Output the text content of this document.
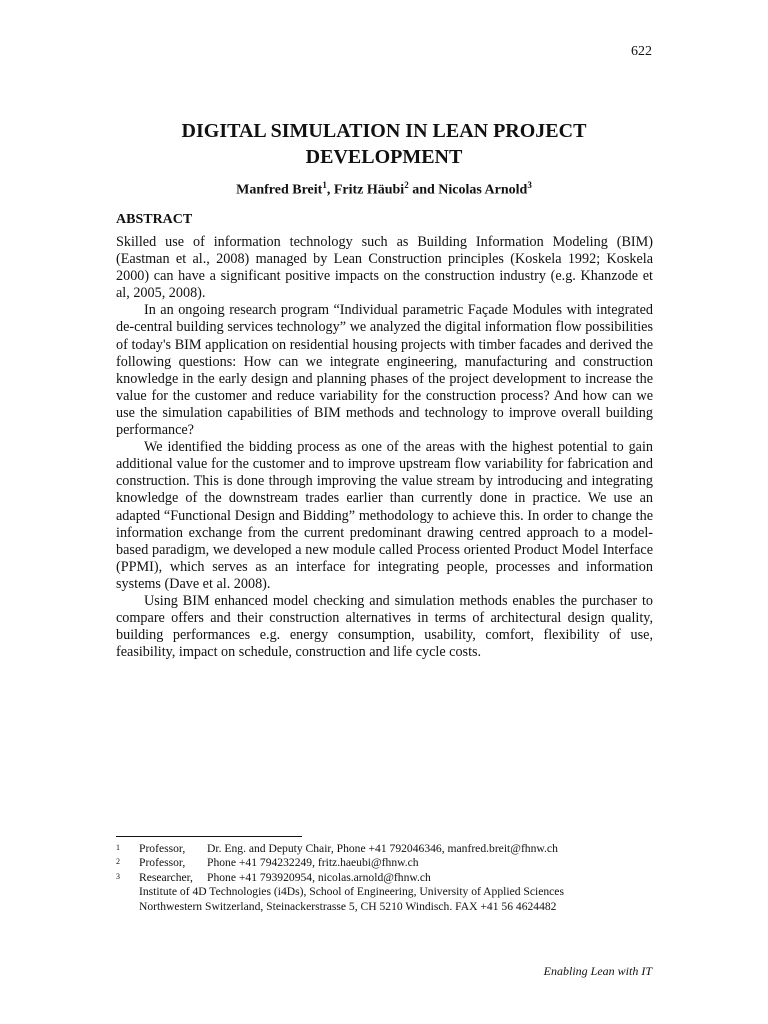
622
DIGITAL SIMULATION IN LEAN PROJECT
DEVELOPMENT
Manfred Breit$^1$, Fritz Häubi$^2$ and Nicolas Arnold$^3$
ABSTRACT

Skilled use of information technology such as Building Information Modeling (BIM) (Eastman et al., 2008) managed by Lean Construction principles (Koskela 1992; Koskela 2000) can have a significant positive impacts on the construction industry (e.g. Khanzode et al, 2005, 2008).

In an ongoing research program “Individual parametric Façade Modules with integrated de-central building services technology” we analyzed the digital information flow possibilities of today's BIM application on residential housing projects with timber facades and derived the following questions: How can we integrate engineering, manufacturing and construction knowledge in the early design and planning phases of the project development to increase the value for the customer and reduce variability for the construction process? And how can we use the simulation capabilities of BIM methods and technology to improve overall building performance?

We identified the bidding process as one of the areas with the highest potential to gain additional value for the customer and to improve upstream flow variability for fabrication and construction. This is done through improving the value stream by introducing and integrating knowledge of the downstream trades earlier than currently done in practice. We use an adapted “Functional Design and Bidding” methodology to achieve this. In order to change the information exchange from the current predominant drawing centred approach to a model-based paradigm, we developed a new module called Process oriented Product Model Interface (PPMI), which serves as an interface for integrating people, processes and information systems (Dave et al. 2008).

Using BIM enhanced model checking and simulation methods enables the purchaser to compare offers and their construction alternatives in terms of architectural design quality, building performances e.g. energy consumption, usability, comfort, flexibility of use, feasibility, impact on schedule, construction and life cycle costs.

1	Professor,	Dr. Eng. and Deputy Chair, Phone +41 792046346, manfred.breit@fhnw.ch
2	Professor,	Phone +41 794232249, fritz.haeubi@fhnw.ch
3	Researcher,	Phone +41 793920954, nicolas.arnold@fhnw.ch
Institute of 4D Technologies (i4Ds), School of Engineering, University of Applied Sciences
Northwestern Switzerland, Steinackerstrasse 5, CH 5210 Windisch. FAX +41 56 4624482
Enabling Lean with IT
